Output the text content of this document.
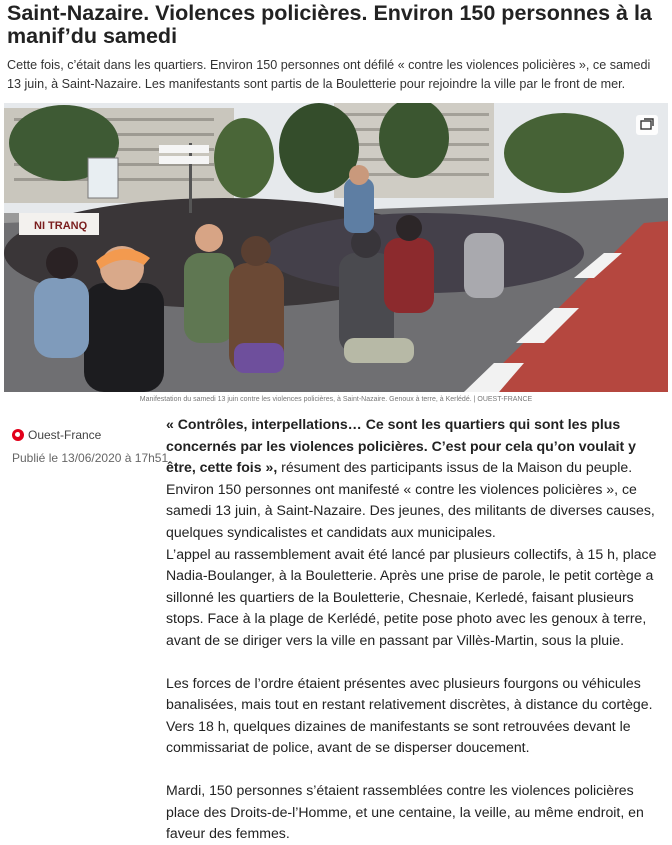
Saint-Nazaire. Violences policières. Environ 150 personnes à la manif’du samedi
Cette fois, c’était dans les quartiers. Environ 150 personnes ont défilé « contre les violences policières », ce samedi 13 juin, à Saint-Nazaire. Les manifestants sont partis de la Bouletterie pour rejoindre la ville par le front de mer.
NI TRANQ
Manifestation du samedi 13 juin contre les violences policières, à Saint-Nazaire. Genoux à terre, à Kerlédé. | OUEST-FRANCE
Ouest-France
Publié le 13/06/2020 à 17h51

« Contrôles, interpellations… Ce sont les quartiers qui sont les plus concernés par les violences policières. C’est pour cela qu’on voulait y être, cette fois », résument des participants issus de la Maison du peuple. Environ 150 personnes ont manifesté « contre les violences policières », ce samedi 13 juin, à Saint-Nazaire. Des jeunes, des militants de diverses causes, quelques syndicalistes et candidats aux municipales.

L’appel au rassemblement avait été lancé par plusieurs collectifs, à 15 h, place Nadia-Boulanger, à la Bouletterie. Après une prise de parole, le petit cortège a sillonné les quartiers de la Bouletterie, Chesnaie, Kerledé, faisant plusieurs stops. Face à la plage de Kerlédé, petite pose photo avec les genoux à terre, avant de se diriger vers la ville en passant par Villès-Martin, sous la pluie.

Les forces de l’ordre étaient présentes avec plusieurs fourgons ou véhicules banalisées, mais tout en restant relativement discrètes, à distance du cortège. Vers 18 h, quelques dizaines de manifestants se sont retrouvées devant le commissariat de police, avant de se disperser doucement.

Mardi, 150 personnes s’étaient rassemblées contre les violences policières place des Droits-de-l’Homme, et une centaine, la veille, au même endroit, en faveur des femmes.
